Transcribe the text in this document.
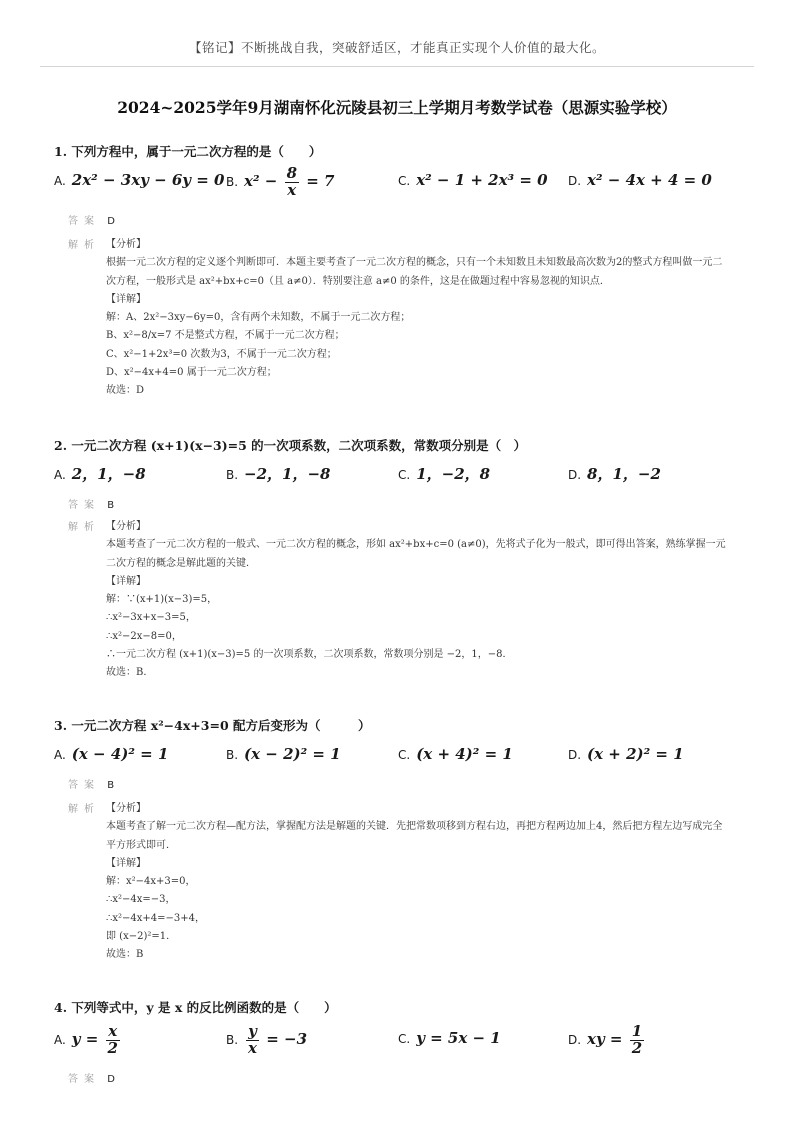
【铭记】不断挑战自我，突破舒适区，才能真正实现个人价值的最大化。
2024~2025学年9月湖南怀化沅陵县初三上学期月考数学试卷（思源实验学校）
1. 下列方程中，属于一元二次方程的是（　　）
A. 2x² − 3xy − 6y = 0 B. $x^2 - \frac{8}{x} = 7$	C. x² − 1 + 2x³ = 0 D. x² − 4x + 4 = 0
答案 D
解析 【分析】
根据一元二次方程的定义逐个判断即可．本题主要考查了一元二次方程的概念，只有一个未知数且未知数最高次数为2的整式方程叫做一元二次方程，一般形式是 ax²+bx+c=0（且 a≠0）．特别要注意 a≠0 的条件，这是在做题过程中容易忽视的知识点．
【详解】
解：A、2x²−3xy−6y=0，含有两个未知数，不属于一元二次方程；
B、x²−8/x=7 不是整式方程，不属于一元二次方程；
C、x²−1+2x³=0 次数为3，不属于一元二次方程；
D、x²−4x+4=0 属于一元二次方程；
故选：D
2. 一元二次方程 (x+1)(x−3)=5 的一次项系数，二次项系数，常数项分别是（　）
A. 2，1，−8	B. −2，1，−8	C. 1，−2，8	D. 8，1，−2
答案 B
解析 【分析】
本题考查了一元二次方程的一般式、一元二次方程的概念，形如 ax²+bx+c=0 (a≠0)，先将式子化为一般式，即可得出答案，熟练掌握一元二次方程的概念是解此题的关键．
【详解】
解：∵(x+1)(x−3)=5，
∴x²−3x+x−3=5，
∴x²−2x−8=0，
∴一元二次方程 (x+1)(x−3)=5 的一次项系数，二次项系数，常数项分别是 −2，1，−8．
故选：B．
3. 一元二次方程 x²−4x+3=0 配方后变形为（　　　）
A. (x − 4)² = 1	B. (x − 2)² = 1	C. (x + 4)² = 1	D. (x + 2)² = 1
答案 B
解析 【分析】
本题考查了解一元二次方程—配方法，掌握配方法是解题的关键．先把常数项移到方程右边，再把方程两边加上4，然后把方程左边写成完全平方形式即可．
【详解】
解：x²−4x+3=0，
∴x²−4x=−3，
∴x²−4x+4=−3+4，
即 (x−2)²=1．
故选：B
4. 下列等式中，y 是 x 的反比例函数的是（　　）
A. $y = \frac{x}{2}$	B. $\frac{y}{x} = -3$	C. y = 5x − 1	D. xy = $\frac{1}{2}$
答案 D
